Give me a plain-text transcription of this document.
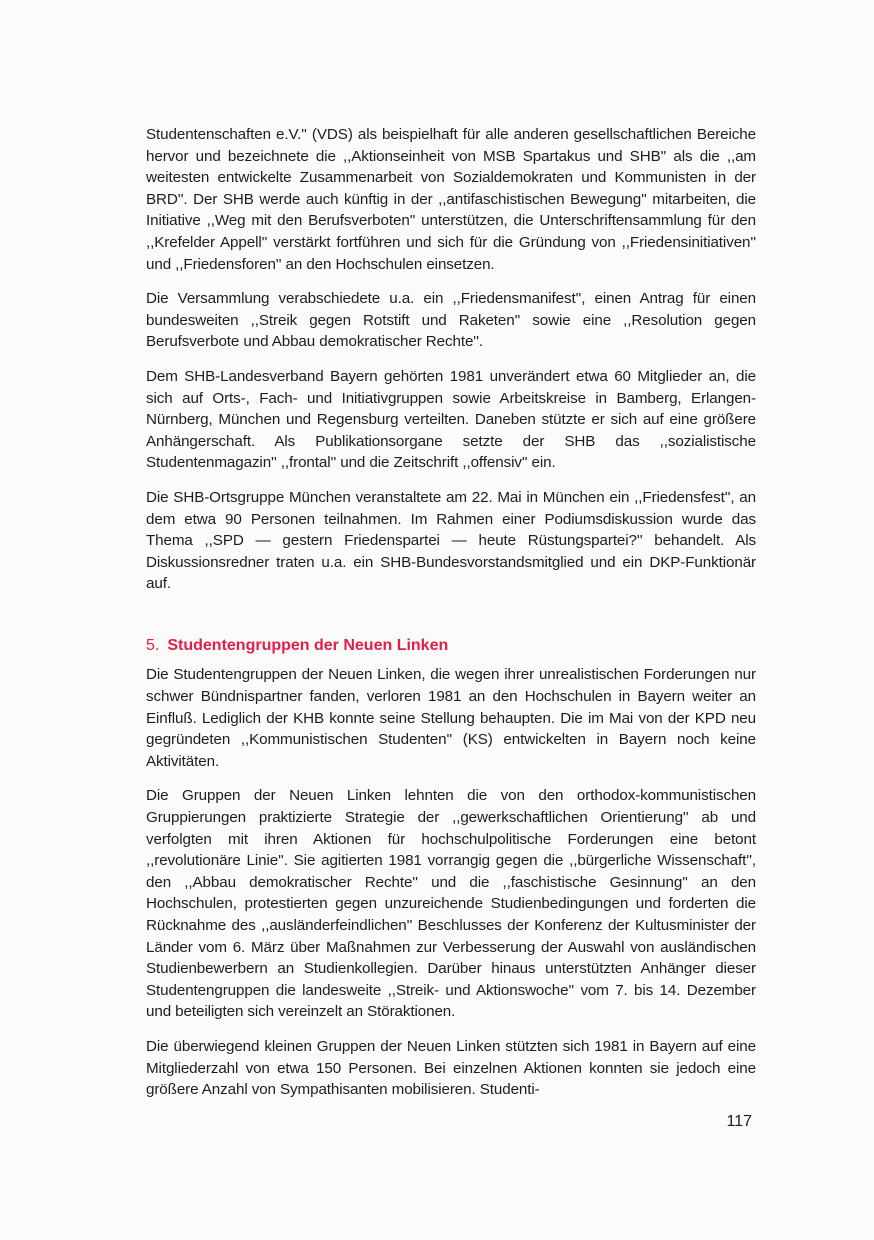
Studentenschaften e.V.'' (VDS) als beispielhaft für alle anderen gesellschaftlichen Bereiche hervor und bezeichnete die ,,Aktionseinheit von MSB Spartakus und SHB'' als die ,,am weitesten entwickelte Zusammenarbeit von Sozialdemokraten und Kommunisten in der BRD''. Der SHB werde auch künftig in der ,,antifaschistischen Bewegung'' mitarbeiten, die Initiative ,,Weg mit den Berufsverboten'' unterstützen, die Unterschriftensammlung für den ,,Krefelder Appell'' verstärkt fortführen und sich für die Gründung von ,,Friedensinitiativen'' und ,,Friedensforen'' an den Hochschulen einsetzen.

Die Versammlung verabschiedete u.a. ein ,,Friedensmanifest'', einen Antrag für einen bundesweiten ,,Streik gegen Rotstift und Raketen'' sowie eine ,,Resolution gegen Berufsverbote und Abbau demokratischer Rechte''.

Dem SHB-Landesverband Bayern gehörten 1981 unverändert etwa 60 Mitglieder an, die sich auf Orts-, Fach- und Initiativgruppen sowie Arbeitskreise in Bamberg, Erlangen-Nürnberg, München und Regensburg verteilten. Daneben stützte er sich auf eine größere Anhängerschaft. Als Publikationsorgane setzte der SHB das ,,sozialistische Studentenmagazin'' ,,frontal'' und die Zeitschrift ,,offensiv'' ein.

Die SHB-Ortsgruppe München veranstaltete am 22. Mai in München ein ,,Friedensfest'', an dem etwa 90 Personen teilnahmen. Im Rahmen einer Podiumsdiskussion wurde das Thema ,,SPD — gestern Friedenspartei — heute Rüstungspartei?'' behandelt. Als Diskussionsredner traten u.a. ein SHB-Bundesvorstandsmitglied und ein DKP-Funktionär auf.

5. Studentengruppen der Neuen Linken

Die Studentengruppen der Neuen Linken, die wegen ihrer unrealistischen Forderungen nur schwer Bündnispartner fanden, verloren 1981 an den Hochschulen in Bayern weiter an Einfluß. Lediglich der KHB konnte seine Stellung behaupten. Die im Mai von der KPD neu gegründeten ,,Kommunistischen Studenten'' (KS) entwickelten in Bayern noch keine Aktivitäten.

Die Gruppen der Neuen Linken lehnten die von den orthodox-kommunistischen Gruppierungen praktizierte Strategie der ,,gewerkschaftlichen Orientierung'' ab und verfolgten mit ihren Aktionen für hochschulpolitische Forderungen eine betont ,,revolutionäre Linie''. Sie agitierten 1981 vorrangig gegen die ,,bürgerliche Wissenschaft'', den ,,Abbau demokratischer Rechte'' und die ,,faschistische Gesinnung'' an den Hochschulen, protestierten gegen unzureichende Studienbedingungen und forderten die Rücknahme des ,,ausländerfeindlichen'' Beschlusses der Konferenz der Kultusminister der Länder vom 6. März über Maßnahmen zur Verbesserung der Auswahl von ausländischen Studienbewerbern an Studienkollegien. Darüber hinaus unterstützten Anhänger dieser Studentengruppen die landesweite ,,Streik- und Aktionswoche'' vom 7. bis 14. Dezember und beteiligten sich vereinzelt an Störaktionen.

Die überwiegend kleinen Gruppen der Neuen Linken stützten sich 1981 in Bayern auf eine Mitgliederzahl von etwa 150 Personen. Bei einzelnen Aktionen konnten sie jedoch eine größere Anzahl von Sympathisanten mobilisieren. Studenti-

117
